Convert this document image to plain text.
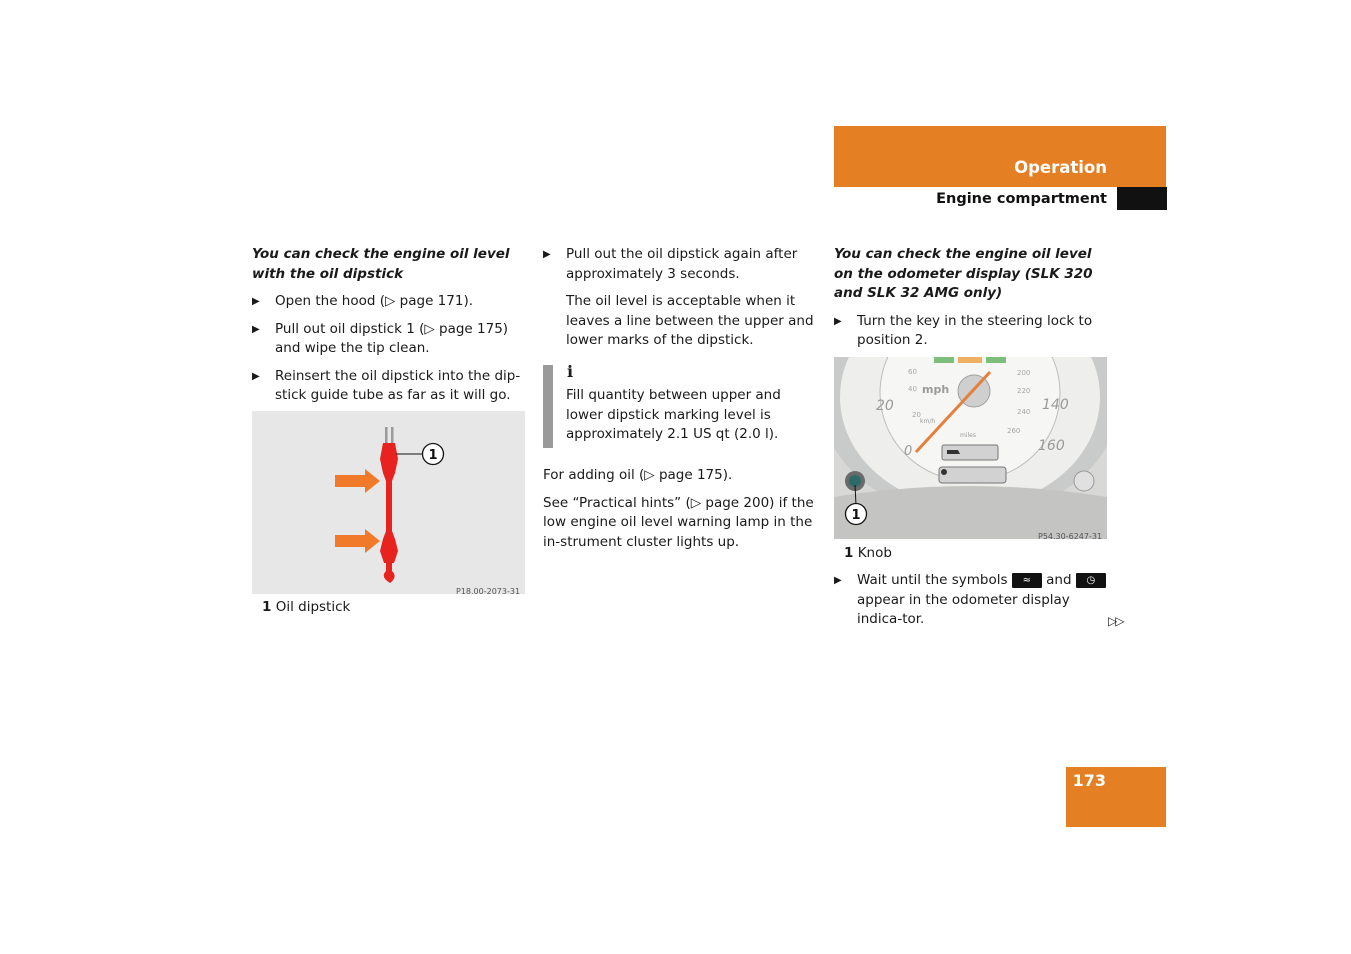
Operation
Engine compartment

You can check the engine oil level with the oil dipstick

▶ Open the hood (▷ page 171).
▶ Pull out oil dipstick 1 (▷ page 175) and wipe the tip clean.
▶ Reinsert the oil dipstick into the dip-stick guide tube as far as it will go.
1
P18.00-2073-31
1 Oil dipstick
▶ Pull out the oil dipstick again after approximately 3 seconds.

The oil level is acceptable when it leaves a line between the upper and lower marks of the dipstick.

i

Fill quantity between upper and lower dipstick marking level is approximately 2.1 US qt (2.0 l).

For adding oil (▷ page 175).

See “Practical hints” (▷ page 200) if the low engine oil level warning lamp in the in-strument cluster lights up.

You can check the engine oil level on the odometer display (SLK 320 and SLK 32 AMG only)

▶ Turn the key in the steering lock to position 2.
mph
km/h
miles
20
0
140
160
20
40
60	200
220
240
260
1
P54.30-6247-31
1 Knob
▶ Wait until the symbols ≈ and ◷ appear in the odometer display indica-tor.	▷▷
173
